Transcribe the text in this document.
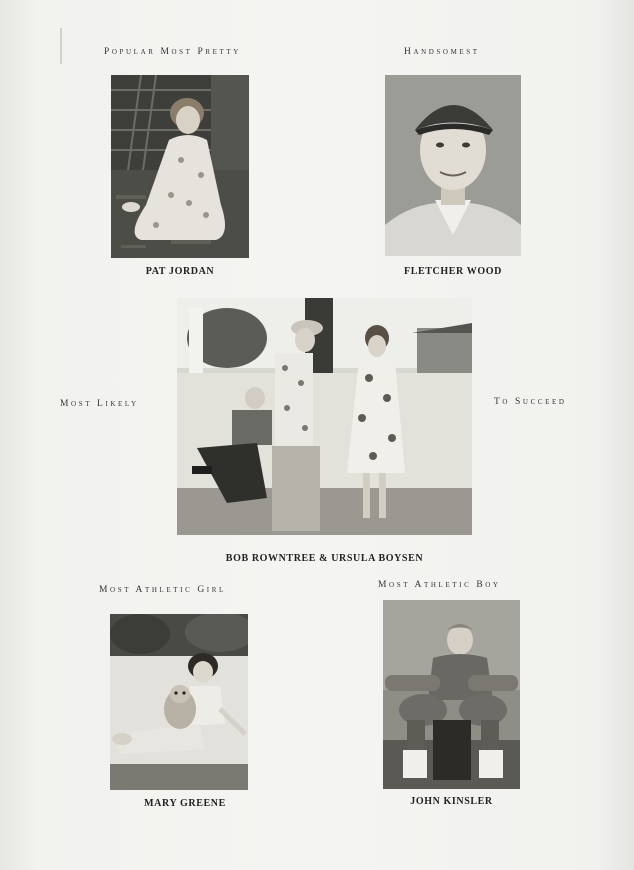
Popular Most Pretty
PAT JORDAN
Handsomest
FLETCHER WOOD
Most Likely	To Succeed
BOB ROWNTREE & URSULA BOYSEN
Most Athletic Girl
MARY GREENE
Most Athletic Boy
JOHN KINSLER
